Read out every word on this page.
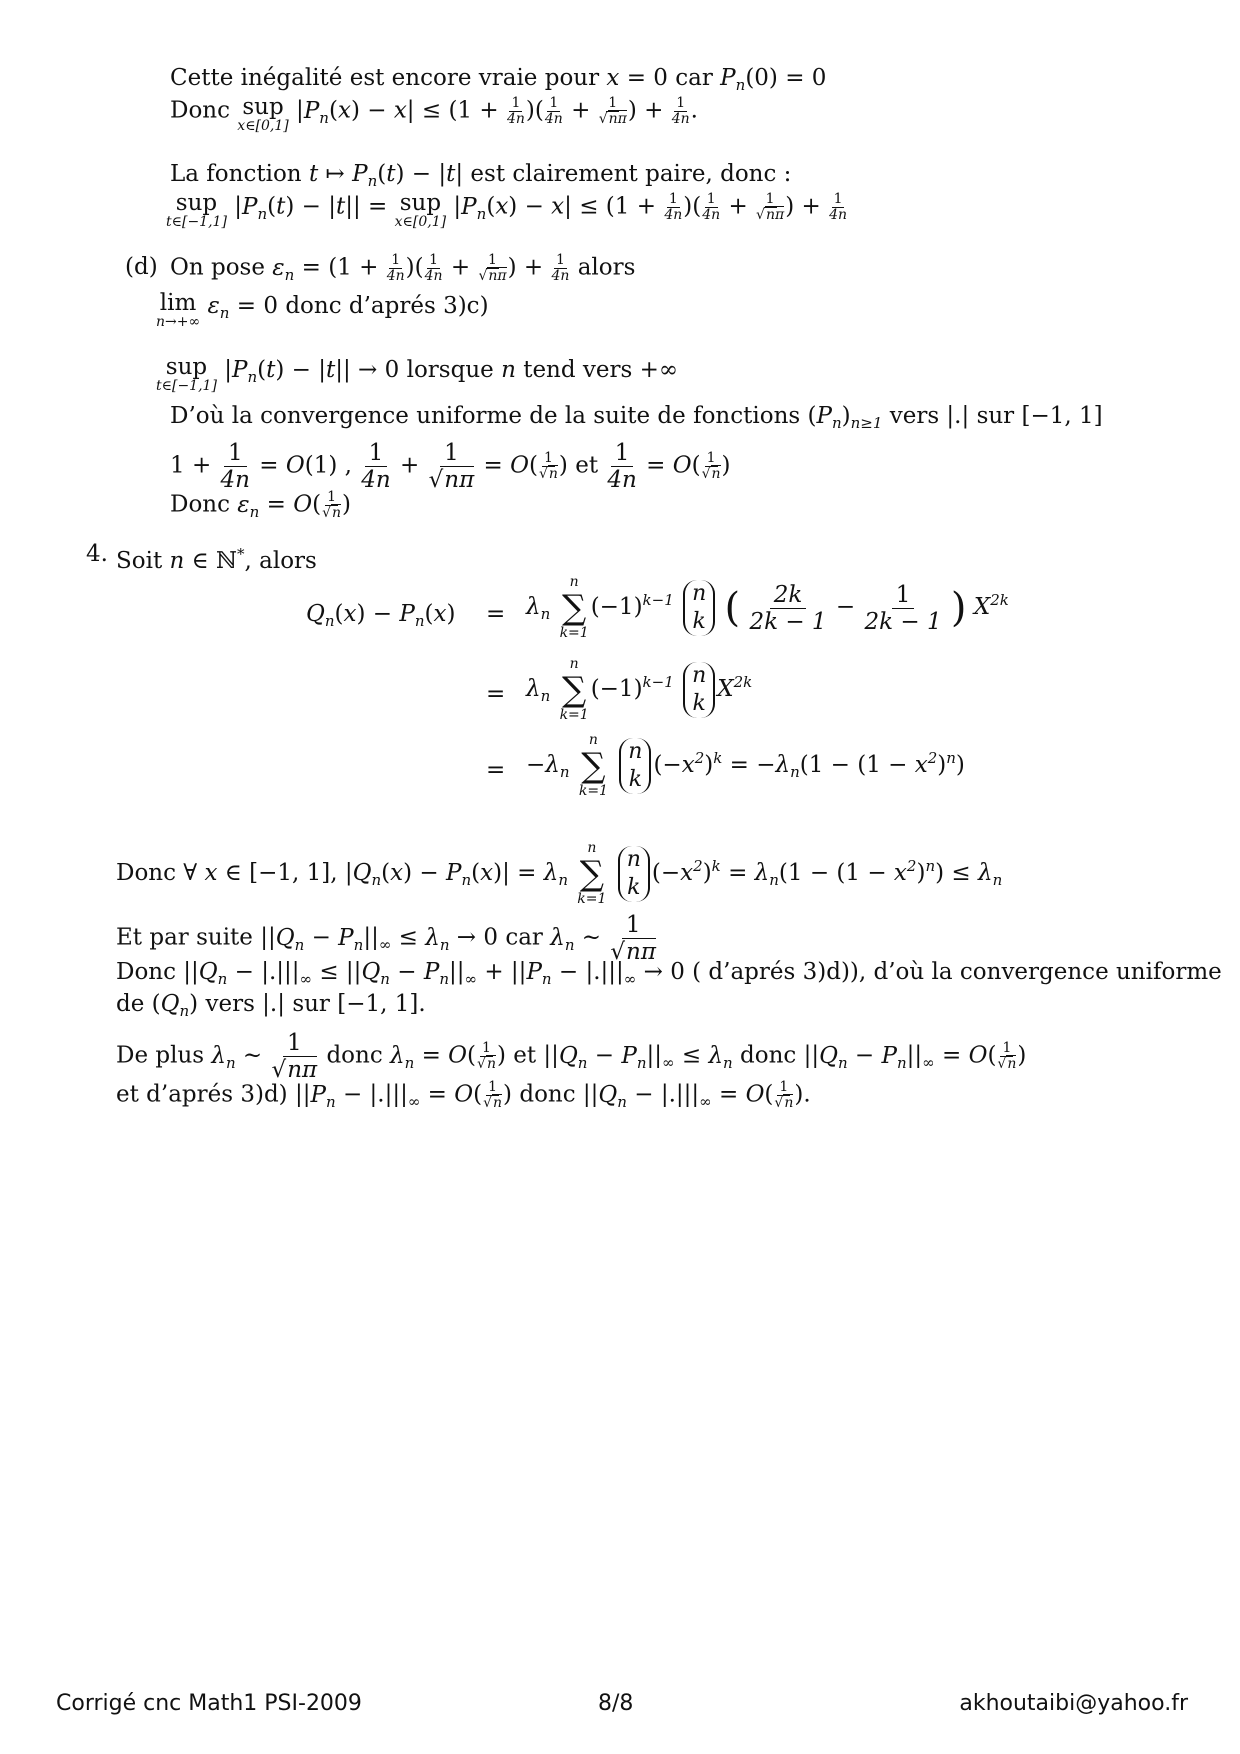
Cette inégalité est encore vraie pour x = 0 car $P_n(0) = 0$
Donc sup
x∈[0,1]
$|P_n(x) - x| \le (1 + \frac{1}{4n}$ )( $\frac{1}{4n} + \frac{1}{√n\pi}$ ) + $\frac{1}{4n}$ .
La fonction t ↦ $P_n(t) - |t|$ est clairement paire, donc :
sup
t∈[−1,1]
$|P_n(t) - |t||$ = sup
x∈[0,1]
$|P_n(x) - x| \le (1 + \frac{1}{4n}$ )( $\frac{1}{4n} + \frac{1}{√n\pi}$ ) + $\frac{1}{4n}$
(d) On pose $\varepsilon_n = (1 + \frac{1}{4n}$ )( $\frac{1}{4n} + \frac{1}{√n\pi}$ ) + $\frac{1}{4n}$ alors
lim
n→+∞
$\varepsilon_n = 0$ donc d’aprés 3)c)
sup
t∈[−1,1]
$|P_n(t) - |t|| \to 0$ lorsque n tend vers +∞
D’où la convergence uniforme de la suite de fonctions $(P_n)_{n\ge 1}$ vers |.| sur [−1, 1]
$1 + \frac{1}{4n} = O(1)$ , $\frac{1}{4n} + \frac{1}{√n\pi} = O( \frac{1}{√n}$ ) et $\frac{1}{4n} = O( \frac{1}{√n}$ )
Donc $\varepsilon_n = O( \frac{1}{√n}$ )
4. Soit n ∈ ℕ*, alors
$Q_n(x) - P_n(x) = \lambda_n$
n
∑
k=1
$(-1)^{k-1}$ n
k ( $\frac{2k}{2k - 1} - \frac{1}{2k - 1}$ ) $X^{2k}$
= $\lambda_n$
n
∑
k=1
$(-1)^{k-1}$ n
k
$X^{2k}$
= $-\lambda_n$
n
∑
k=1

n
k
$(-x^2)^k = -\lambda_n(1 - (1 - x^2)^n)$
Donc ∀ x ∈ [−1, 1], $|Q_n(x) - P_n(x)| = \lambda_n$
n
∑
k=1

n
k
$(-x^2)^k = \lambda_n(1 - (1 - x^2)^n) \le \lambda_n$
Et par suite $||Q_n - P_n||_\infty \le \lambda_n \to 0$ car $\lambda_n$ ∼ $\frac{1}{√n\pi}$
Donc $||Q_n - |.|||_\infty \le ||Q_n - P_n||_\infty + ||P_n - |.|||_\infty \to 0$ ( d’aprés 3)d)), d’où la convergence uniforme
de $(Q_n)$ vers |.| sur [−1, 1].
De plus $\lambda_n$ ∼ $\frac{1}{√n\pi}$ donc $\lambda_n = O( \frac{1}{√n}$ ) et $||Q_n - P_n||_\infty \le \lambda_n$ donc $||Q_n - P_n||_\infty = O( \frac{1}{√n}$ )
et d’aprés 3)d) $||P_n - |.|||_\infty = O( \frac{1}{√n}$ ) donc $||Q_n - |.|||_\infty = O( \frac{1}{√n}$ ).
Corrigé cnc Math1 PSI-2009	8/8	akhoutaibi@yahoo.fr
